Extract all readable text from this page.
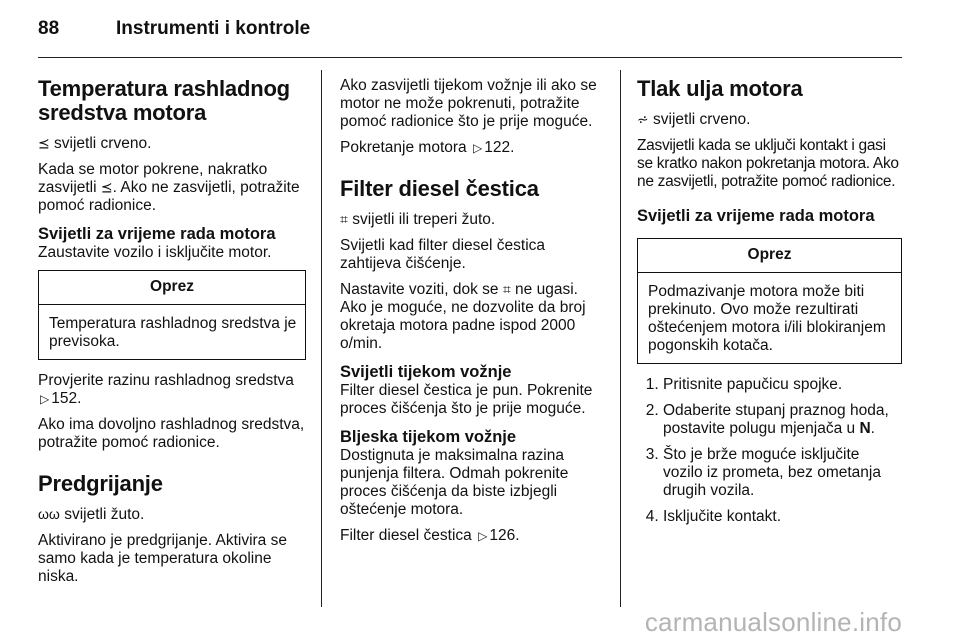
88	Instrumenti i kontrole
Temperatura rashladnog sredstva motora

⪯ svijetli crveno.

Kada se motor pokrene, nakratko zasvijetli ⪯. Ako ne zasvijetli, potražite pomoć radionice.

Svijetli za vrijeme rada motora

Zaustavite vozilo i isključite motor.

Oprez
Temperatura rashladnog sredstva je previsoka.

Provjerite razinu rashladnog sredstva ▷ 152.

Ako ima dovoljno rashladnog sredstva, potražite pomoć radionice.

Predgrijanje

ωω svijetli žuto.

Aktivirano je predgrijanje. Aktivira se samo kada je temperatura okoline niska.

Ako zasvijetli tijekom vožnje ili ako se motor ne može pokrenuti, potražite pomoć radionice što je prije moguće.

Pokretanje motora ▷ 122.

Filter diesel čestica

⌗ svijetli ili treperi žuto.

Svijetli kad filter diesel čestica zahtijeva čišćenje.

Nastavite voziti, dok se ⌗ ne ugasi. Ako je moguće, ne dozvolite da broj okretaja motora padne ispod 2000 o/min.

Svijetli tijekom vožnje

Filter diesel čestica je pun. Pokrenite proces čišćenja što je prije moguće.

Bljeska tijekom vožnje

Dostignuta je maksimalna razina punjenja filtera. Odmah pokrenite proces čišćenja da biste izbjegli oštećenje motora.

Filter diesel čestica ▷ 126.

Tlak ulja motora

⩫ svijetli crveno.

Zasvijetli kada se uključi kontakt i gasi se kratko nakon pokretanja motora. Ako ne zasvijetli, potražite pomoć radionice.

Svijetli za vrijeme rada motora
Oprez
Podmazivanje motora može biti prekinuto. Ovo može rezultirati oštećenjem motora i/ili blokiranjem pogonskih kotača.
1. Pritisnite papučicu spojke.
2. Odaberite stupanj praznog hoda, postavite polugu mjenjača u N.
3. Što je brže moguće isključite vozilo iz prometa, bez ometanja drugih vozila.
4. Isključite kontakt.
carmanualsonline.info
